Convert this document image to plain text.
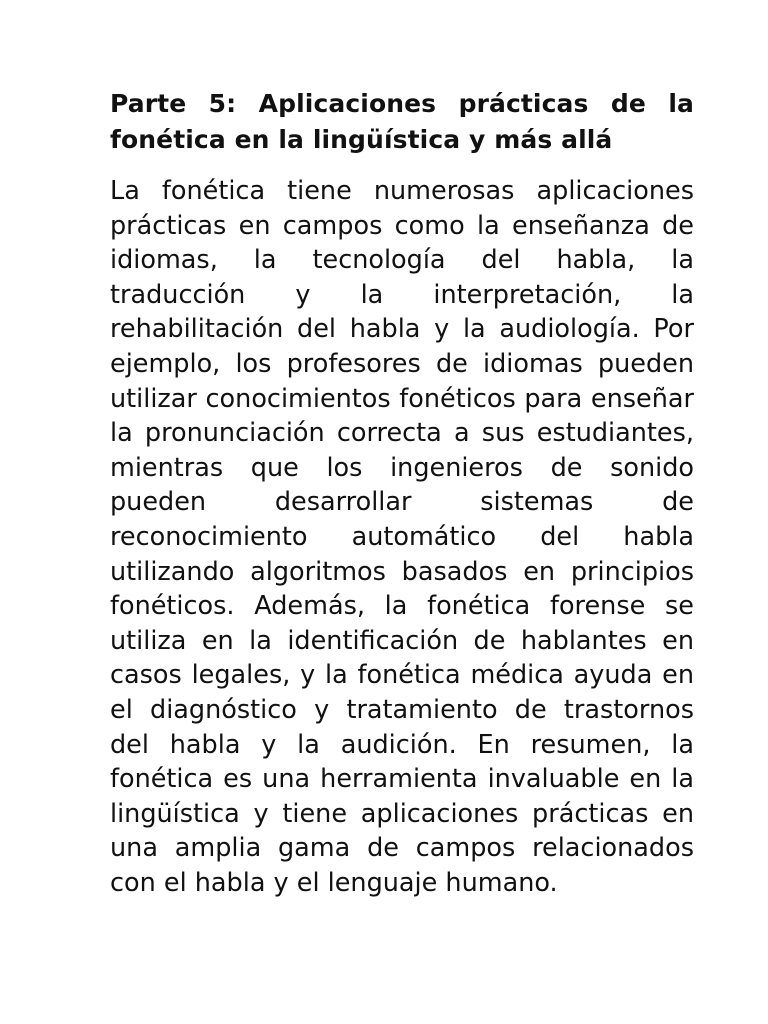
Parte 5: Aplicaciones prácticas de la fonética en la lingüística y más allá

La fonética tiene numerosas aplicaciones prácticas en campos como la enseñanza de idiomas, la tecnología del habla, la traducción y la interpretación, la rehabilitación del habla y la audiología. Por ejemplo, los profesores de idiomas pueden utilizar conocimientos fonéticos para enseñar la pronunciación correcta a sus estudiantes, mientras que los ingenieros de sonido pueden desarrollar sistemas de reconocimiento automático del habla utilizando algoritmos basados en principios fonéticos. Además, la fonética forense se utiliza en la identificación de hablantes en casos legales, y la fonética médica ayuda en el diagnóstico y tratamiento de trastornos del habla y la audición. En resumen, la fonética es una herramienta invaluable en la lingüística y tiene aplicaciones prácticas en una amplia gama de campos relacionados con el habla y el lenguaje humano.
